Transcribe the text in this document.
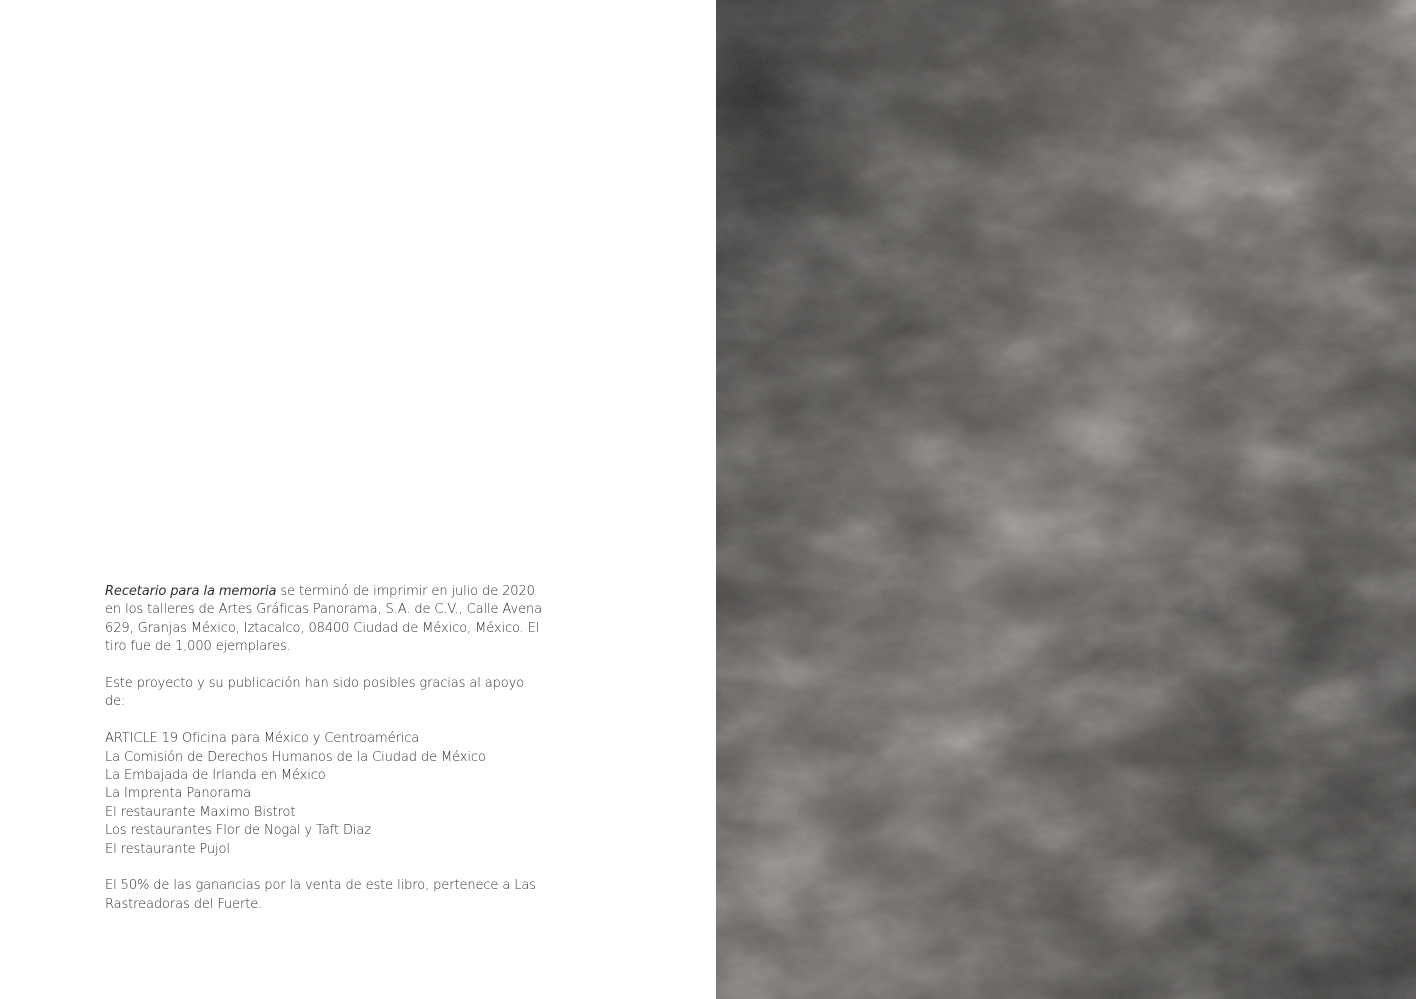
Recetario para la memoria se terminó de imprimir en julio de 2020 en los talleres de Artes Gráficas Panorama, S.A. de C.V., Calle Avena 629, Granjas México, Iztacalco, 08400 Ciudad de México, México. El tiro fue de 1,000 ejemplares.

Este proyecto y su publicación han sido posibles gracias al apoyo de:

ARTICLE 19 Oficina para México y Centroamérica
La Comisión de Derechos Humanos de la Ciudad de México
La Embajada de Irlanda en México
La Imprenta Panorama
El restaurante Maximo Bistrot
Los restaurantes Flor de Nogal y Taft Diaz
El restaurante Pujol

El 50% de las ganancias por la venta de este libro, pertenece a Las Rastreadoras del Fuerte.
